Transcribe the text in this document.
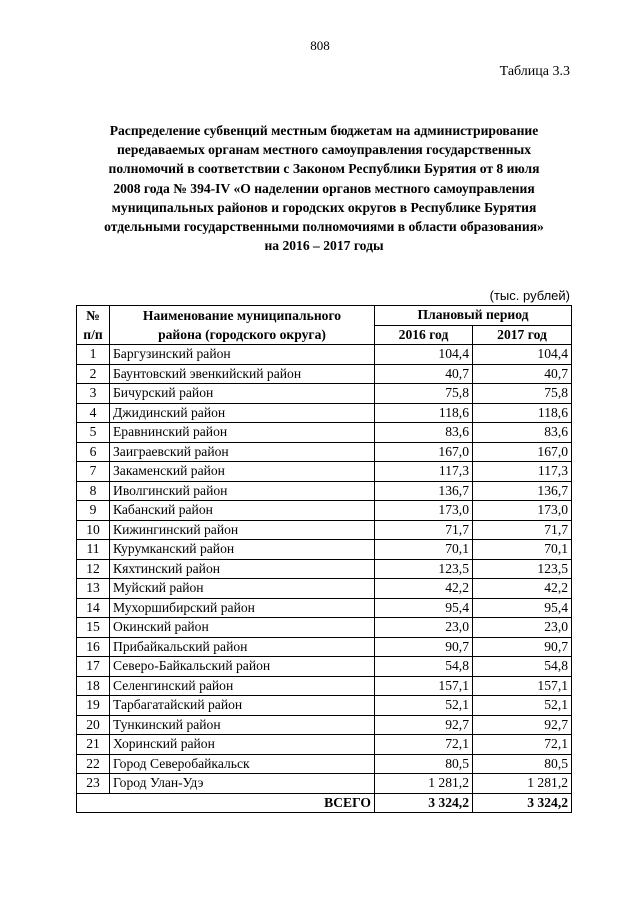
808
Таблица 3.3
Распределение субвенций местным бюджетам на администрирование
передаваемых органам местного самоуправления государственных
полномочий в соответствии с Законом Республики Бурятия от 8 июля
2008 года № 394-IV «О наделении органов местного самоуправления
муниципальных районов и городских округов в Республике Бурятия
отдельными государственными полномочиями в области образования»
на 2016 – 2017 годы
(тыс. рублей)
№
п/п	Наименование муниципального
района (городского округа)	Плановый период	
		2016 год	2017 год
1	Баргузинский район	104,4	104,4
2	Баунтовский эвенкийский район	40,7	40,7
3	Бичурский район	75,8	75,8
4	Джидинский район	118,6	118,6
5	Еравнинский район	83,6	83,6
6	Заиграевский район	167,0	167,0
7	Закаменский район	117,3	117,3
8	Иволгинский район	136,7	136,7
9	Кабанский район	173,0	173,0
10	Кижингинский район	71,7	71,7
11	Курумканский район	70,1	70,1
12	Кяхтинский район	123,5	123,5
13	Муйский район	42,2	42,2
14	Мухоршибирский район	95,4	95,4
15	Окинский район	23,0	23,0
16	Прибайкальский район	90,7	90,7
17	Северо-Байкальский район	54,8	54,8
18	Селенгинский район	157,1	157,1
19	Тарбагатайский район	52,1	52,1
20	Тункинский район	92,7	92,7
21	Хоринский район	72,1	72,1
22	Город Северобайкальск	80,5	80,5
23	Город Улан-Удэ	1 281,2	1 281,2
ВСЕГО		3 324,2	3 324,2
